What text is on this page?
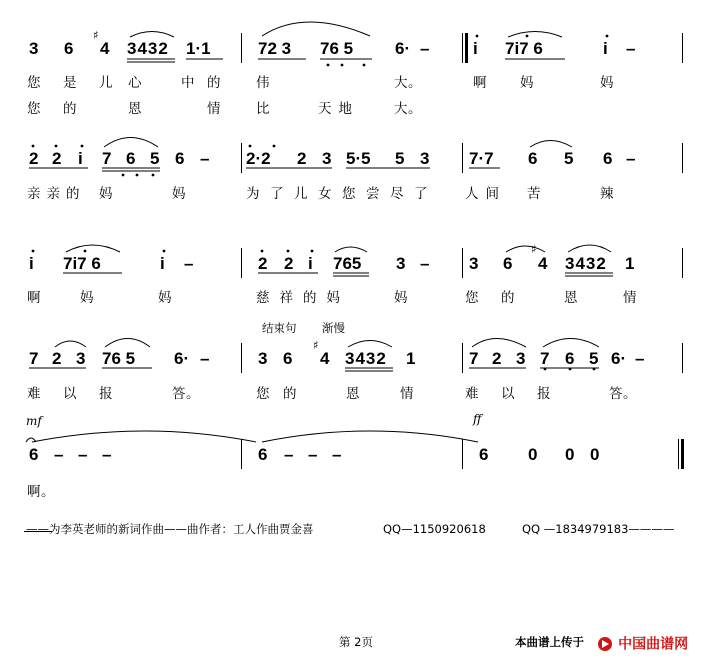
3 6
♯
4 3432 1·1	72 3 76 5 6· –	i 7i7 6	i –
您 是 儿 心	中 的	伟	大。	啊 妈	妈
您 的	恩	情	比	天地	大。
2 2 i 7 6 5 6 – 2·2 2 3 5·5 5 3 7·7 6 5 6 –
亲亲的 妈	妈	为了儿女您尝尽了 人间 苦	辣
i 7i7 6	i –	2 2 i 765 3 – 3 6
♯
4 3432 1
啊	妈	妈	慈祥的妈	妈	您 的	恩	情
结束句 渐慢
7 2 3 76 5 6· –	3 6
♯
4 3432 1	7 2 3 7 6 5 6· –
难 以 报	答。	您 的	恩	情	难 以 报	答。
mf	ff
6 – – –	6 – – –	6 0 0 0
啊。
——为李英老师的新词作曲——曲作者：工人作曲贾金喜	QQ—1150920618	QQ —1834979183————
第 2页	本曲谱上传于	中国曲谱网
